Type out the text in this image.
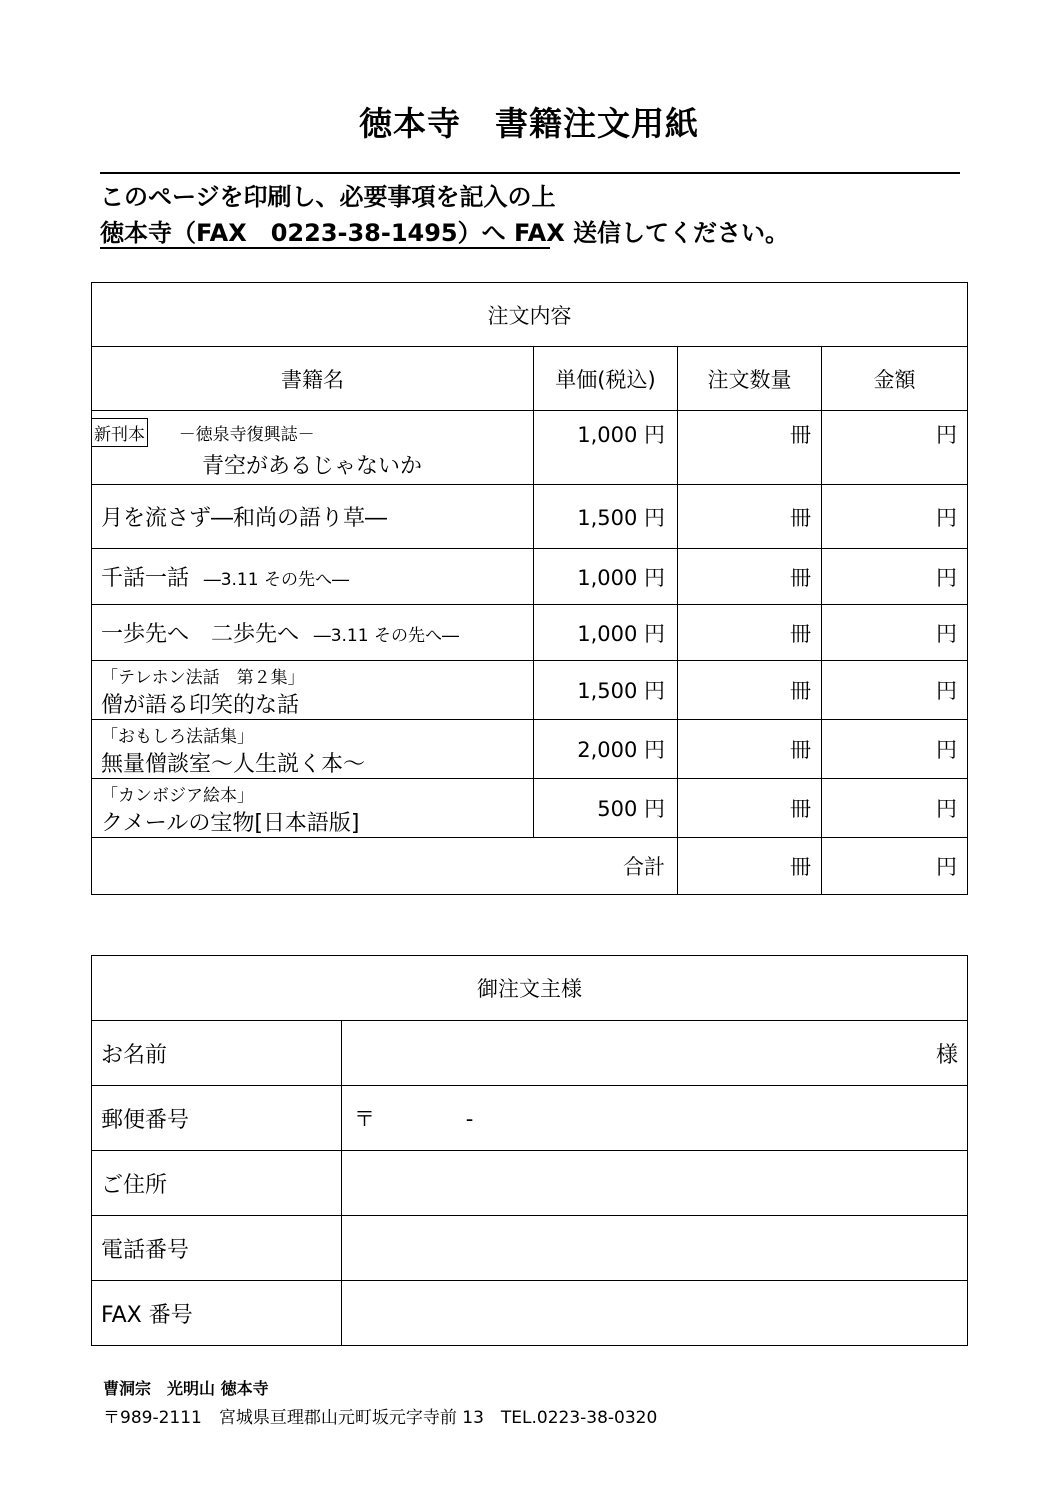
徳本寺　書籍注文用紙
このページを印刷し、必要事項を記入の上
徳本寺（FAX　0223-38-1495）へ FAX 送信してください。
注文内容			
書籍名	単価(税込)	注文数量	金額

新刊本 －徳泉寺復興誌－
青空があるじゃないか	1,000 円	冊	円
月を流さず―和尚の語り草―	1,500 円	冊	円
千話一話 ―3.11 その先へ―	1,000 円	冊	円
一歩先へ　二歩先へ ―3.11 その先へ―	1,000 円	冊	円

「テレホン法話　第２集」
僧が語る印笑的な話	1,500 円	冊	円

「おもしろ法話集」
無量僧談室～人生説く本～	2,000 円	冊	円

「カンボジア絵本」
クメールの宝物[日本語版]	500 円	冊	円
合計		冊	円
御注文主様	
お名前	様
郵便番号	〒 -
ご住所	
電話番号	
FAX 番号	
曹洞宗　光明山 徳本寺
〒989-2111　宮城県亘理郡山元町坂元字寺前 13　TEL.0223-38-0320
